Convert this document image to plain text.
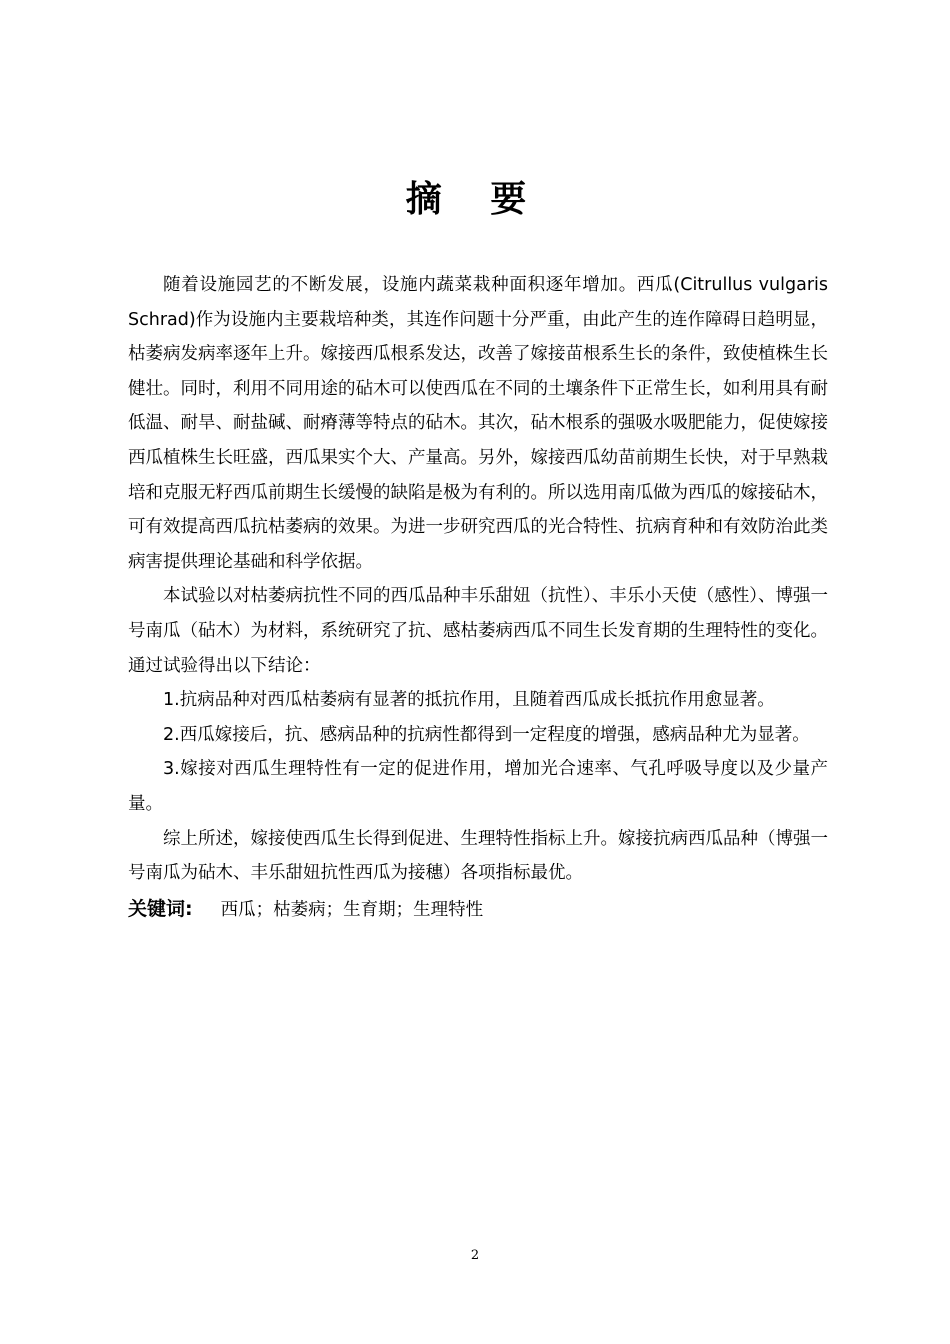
摘 要

随着设施园艺的不断发展，设施内蔬菜栽种面积逐年增加。西瓜(Citrullus vulgaris Schrad)作为设施内主要栽培种类，其连作问题十分严重，由此产生的连作障碍日趋明显，枯萎病发病率逐年上升。嫁接西瓜根系发达，改善了嫁接苗根系生长的条件，致使植株生长健壮。同时，利用不同用途的砧木可以使西瓜在不同的土壤条件下正常生长，如利用具有耐低温、耐旱、耐盐碱、耐瘠薄等特点的砧木。其次，砧木根系的强吸水吸肥能力，促使嫁接西瓜植株生长旺盛，西瓜果实个大、产量高。另外，嫁接西瓜幼苗前期生长快，对于早熟栽培和克服无籽西瓜前期生长缓慢的缺陷是极为有利的。所以选用南瓜做为西瓜的嫁接砧木，可有效提高西瓜抗枯萎病的效果。为进一步研究西瓜的光合特性、抗病育种和有效防治此类病害提供理论基础和科学依据。

本试验以对枯萎病抗性不同的西瓜品种丰乐甜妞（抗性）、丰乐小天使（感性）、博强一号南瓜（砧木）为材料，系统研究了抗、感枯萎病西瓜不同生长发育期的生理特性的变化。通过试验得出以下结论：

1.抗病品种对西瓜枯萎病有显著的抵抗作用，且随着西瓜成长抵抗作用愈显著。

2.西瓜嫁接后，抗、感病品种的抗病性都得到一定程度的增强，感病品种尤为显著。

3.嫁接对西瓜生理特性有一定的促进作用，增加光合速率、气孔呼吸导度以及少量产量。

综上所述，嫁接使西瓜生长得到促进、生理特性指标上升。嫁接抗病西瓜品种（博强一号南瓜为砧木、丰乐甜妞抗性西瓜为接穗）各项指标最优。

关键词: 西瓜；枯萎病；生育期；生理特性
2
